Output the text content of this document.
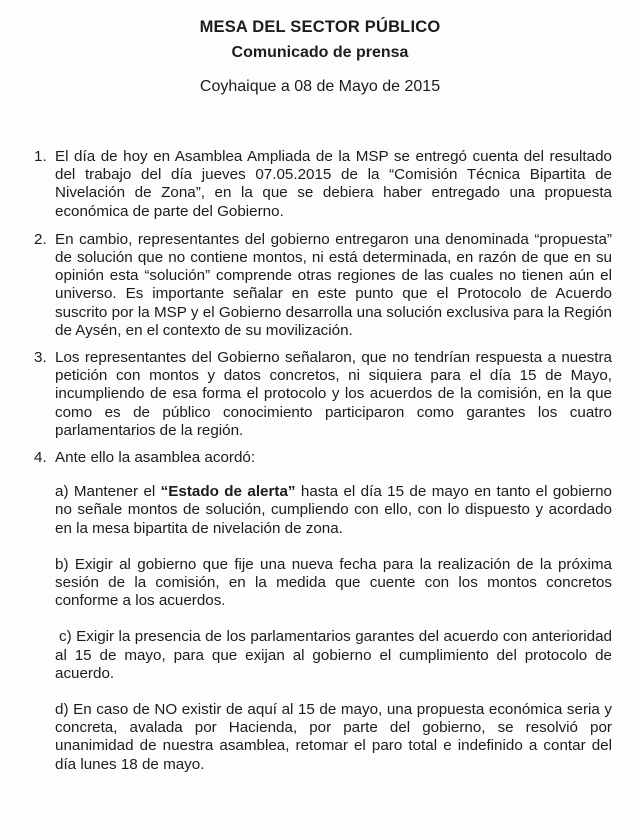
MESA DEL SECTOR PÚBLICO
Comunicado de prensa
Coyhaique a 08 de Mayo de 2015
1. El día de hoy en Asamblea Ampliada de la MSP se entregó cuenta del resultado del trabajo del día jueves 07.05.2015 de la “Comisión Técnica Bipartita de Nivelación de Zona”, en la que se debiera haber entregado una propuesta económica de parte del Gobierno.
2. En cambio, representantes del gobierno entregaron una denominada “propuesta” de solución que no contiene montos, ni está determinada, en razón de que en su opinión esta “solución” comprende otras regiones de las cuales no tienen aún el universo. Es importante señalar en este punto que el Protocolo de Acuerdo suscrito por la MSP y el Gobierno desarrolla una solución exclusiva para la Región de Aysén, en el contexto de su movilización.
3. Los representantes del Gobierno señalaron, que no tendrían respuesta a nuestra petición con montos y datos concretos, ni siquiera para el día 15 de Mayo, incumpliendo de esa forma el protocolo y los acuerdos de la comisión, en la que como es de público conocimiento participaron como garantes los cuatro parlamentarios de la región.
4. Ante ello la asamblea acordó:
a) Mantener el “Estado de alerta” hasta el día 15 de mayo en tanto el gobierno no señale montos de solución, cumpliendo con ello, con lo dispuesto y acordado en la mesa bipartita de nivelación de zona.
b) Exigir al gobierno que fije una nueva fecha para la realización de la próxima sesión de la comisión, en la medida que cuente con los montos concretos conforme a los acuerdos.
c) Exigir la presencia de los parlamentarios garantes del acuerdo con anterioridad al 15 de mayo, para que exijan al gobierno el cumplimiento del protocolo de acuerdo.
d) En caso de NO existir de aquí al 15 de mayo, una propuesta económica seria y concreta, avalada por Hacienda, por parte del gobierno, se resolvió por unanimidad de nuestra asamblea, retomar el paro total e indefinido a contar del día lunes 18 de mayo.
